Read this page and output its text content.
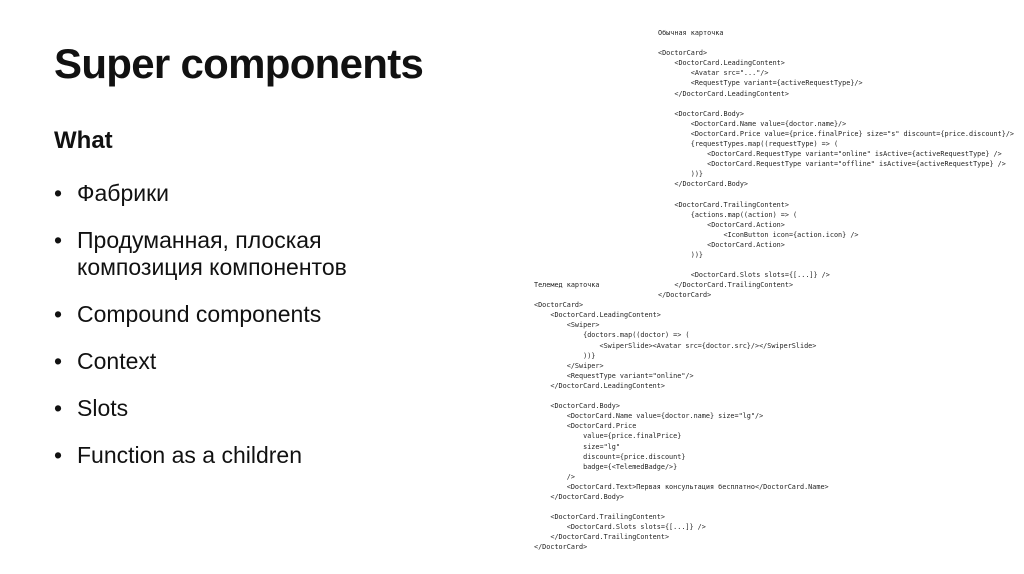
Super components
What
• Фабрики
• Продуманная, плоская
композиция компонентов
• Compound components
• Context
• Slots
• Function as a children
Обычная карточка

<DoctorCard>
<DoctorCard.LeadingContent>
<Avatar src="..."/>
<RequestType variant={activeRequestType}/>
</DoctorCard.LeadingContent>

<DoctorCard.Body>
<DoctorCard.Name value={doctor.name}/>
<DoctorCard.Price value={price.finalPrice} size="s" discount={price.discount}/>
{requestTypes.map((requestType) => (
<DoctorCard.RequestType variant="online" isActive={activeRequestType} />
<DoctorCard.RequestType variant="offline" isActive={activeRequestType} />
))}
</DoctorCard.Body>

<DoctorCard.TrailingContent>
{actions.map((action) => (
<DoctorCard.Action>
<IconButton icon={action.icon} />
<DoctorCard.Action>
))}

<DoctorCard.Slots slots={[...]} />
</DoctorCard.TrailingContent>
</DoctorCard>
Телемед карточка

<DoctorCard>
<DoctorCard.LeadingContent>
<Swiper>
{doctors.map((doctor) => (
<SwiperSlide><Avatar src={doctor.src}/></SwiperSlide>
))}
</Swiper>
<RequestType variant="online"/>
</DoctorCard.LeadingContent>

<DoctorCard.Body>
<DoctorCard.Name value={doctor.name} size="lg"/>
<DoctorCard.Price
value={price.finalPrice}
size="lg"
discount={price.discount}
badge={<TelemedBadge/>}
/>
<DoctorCard.Text>Первая консультация бесплатно</DoctorCard.Name>
</DoctorCard.Body>

<DoctorCard.TrailingContent>
<DoctorCard.Slots slots={[...]} />
</DoctorCard.TrailingContent>
</DoctorCard>
